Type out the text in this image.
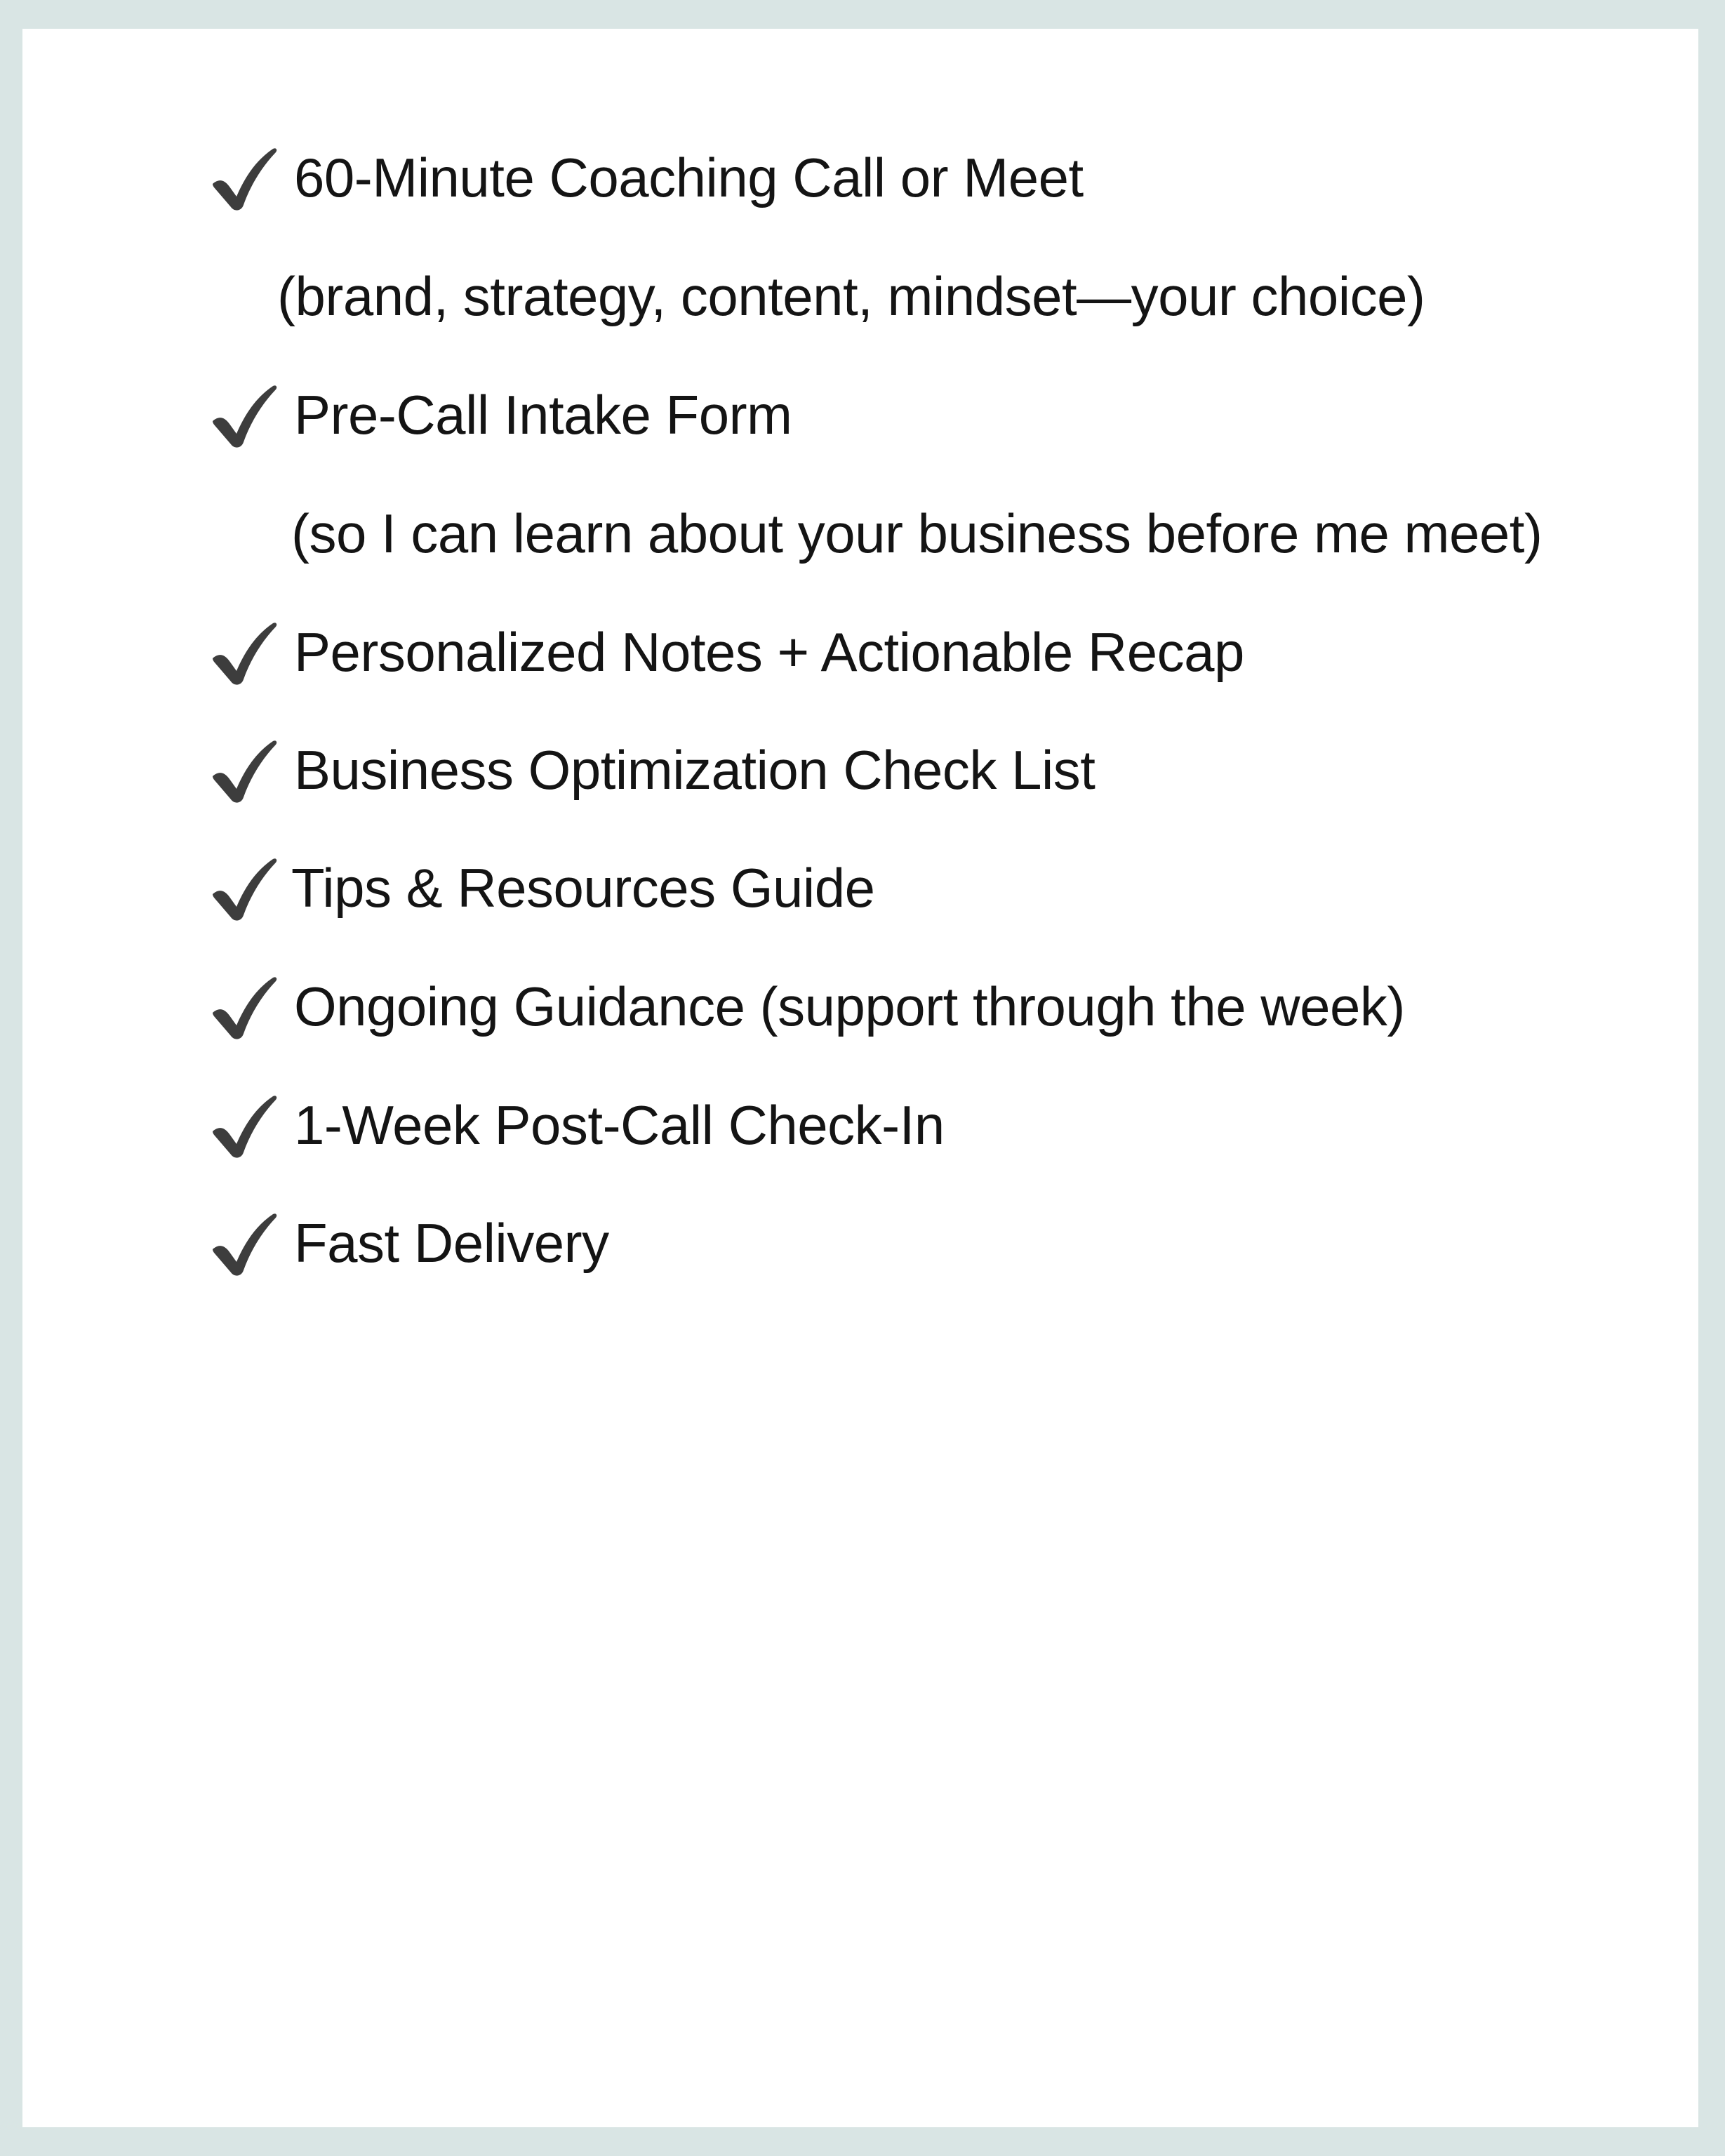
60-Minute Coaching Call or Meet
(brand, strategy, content, mindset—your choice)
Pre-Call Intake Form
(so I can learn about your business before me meet)
Personalized Notes + Actionable Recap
Business Optimization Check List
Tips & Resources Guide
Ongoing Guidance (support through the week)
1-Week Post-Call Check-In
Fast Delivery
